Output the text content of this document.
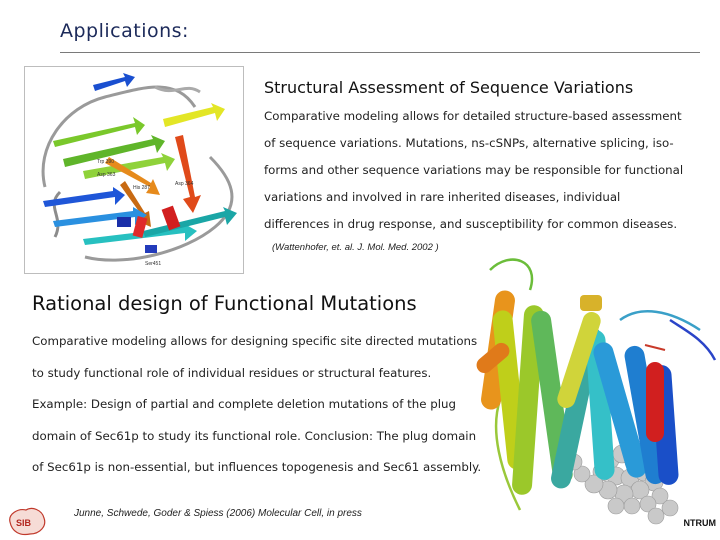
Applications:
Asp 363
His 287
Asp 364
Trp 390
Ser451
Structural Assessment of Sequence Variations
Comparative modeling allows for detailed structure-based assessment
of sequence variations. Mutations, ns-cSNPs, alternative splicing, iso-
forms and other sequence variations may be responsible for functional
variations and involved in rare inherited diseases, individual
differences in drug response, and susceptibility for common diseases.
(Wattenhofer, et. al. J. Mol. Med. 2002 )
Rational design of Functional Mutations
Comparative modeling allows for designing specific site directed mutations
to study functional role of individual residues or structural features.
Example: Design of partial and complete deletion mutations of the plug
domain of Sec61p to study its functional role. Conclusion: The plug domain
of Sec61p is non-essential, but influences topogenesis and Sec61 assembly.
Junne, Schwede, Goder & Spiess (2006) Molecular Cell, in press
SIB	NTRUM
